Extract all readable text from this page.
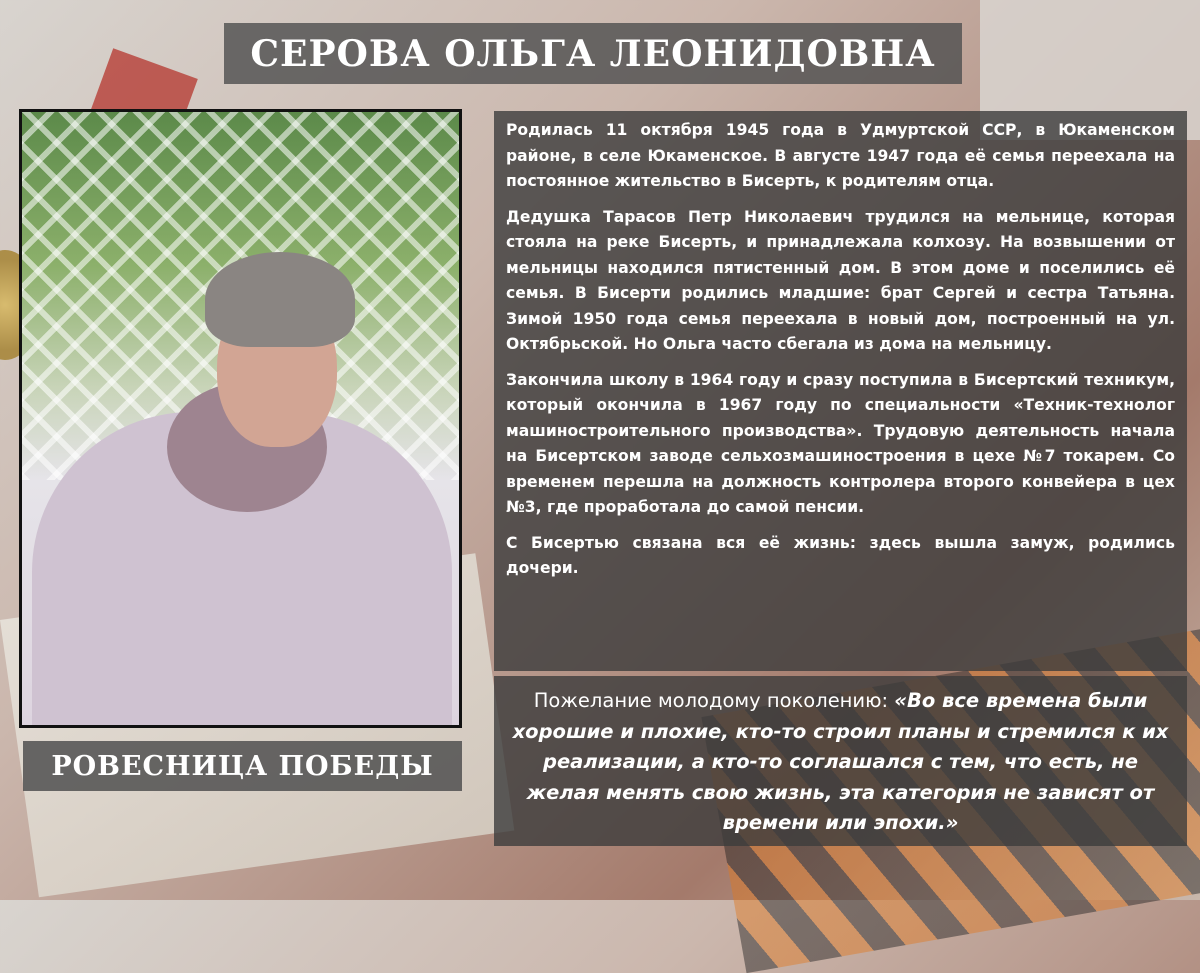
СЕРОВА ОЛЬГА ЛЕОНИДОВНА
РОВЕСНИЦА ПОБЕДЫ

Родилась 11 октября 1945 года в Удмуртской ССР, в Юкаменском районе, в селе Юкаменское. В августе 1947 года её семья переехала на постоянное жительство в Бисерть, к родителям отца.

Дедушка Тарасов Петр Николаевич трудился на мельнице, которая стояла на реке Бисерть, и принадлежала колхозу. На возвышении от мельницы находился пятистенный дом. В этом доме и поселились её семья. В Бисерти родились младшие: брат Сергей и сестра Татьяна. Зимой 1950 года семья переехала в новый дом, построенный на ул. Октябрьской. Но Ольга часто сбегала из дома на мельницу.

Закончила школу в 1964 году и сразу поступила в Бисертский техникум, который окончила в 1967 году по специальности «Техник-технолог машиностроительного производства». Трудовую деятельность начала на Бисертском заводе сельхозмашиностроения в цехе №7 токарем. Со временем перешла на должность контролера второго конвейера в цех №3, где проработала до самой пенсии.

С Бисертью связана вся её жизнь: здесь вышла замуж, родились дочери.

Пожелание молодому поколению: «Во все времена были хорошие и плохие, кто-то строил планы и стремился к их реализации, а кто-то соглашался с тем, что есть, не желая менять свою жизнь, эта категория не зависят от времени или эпохи.»
